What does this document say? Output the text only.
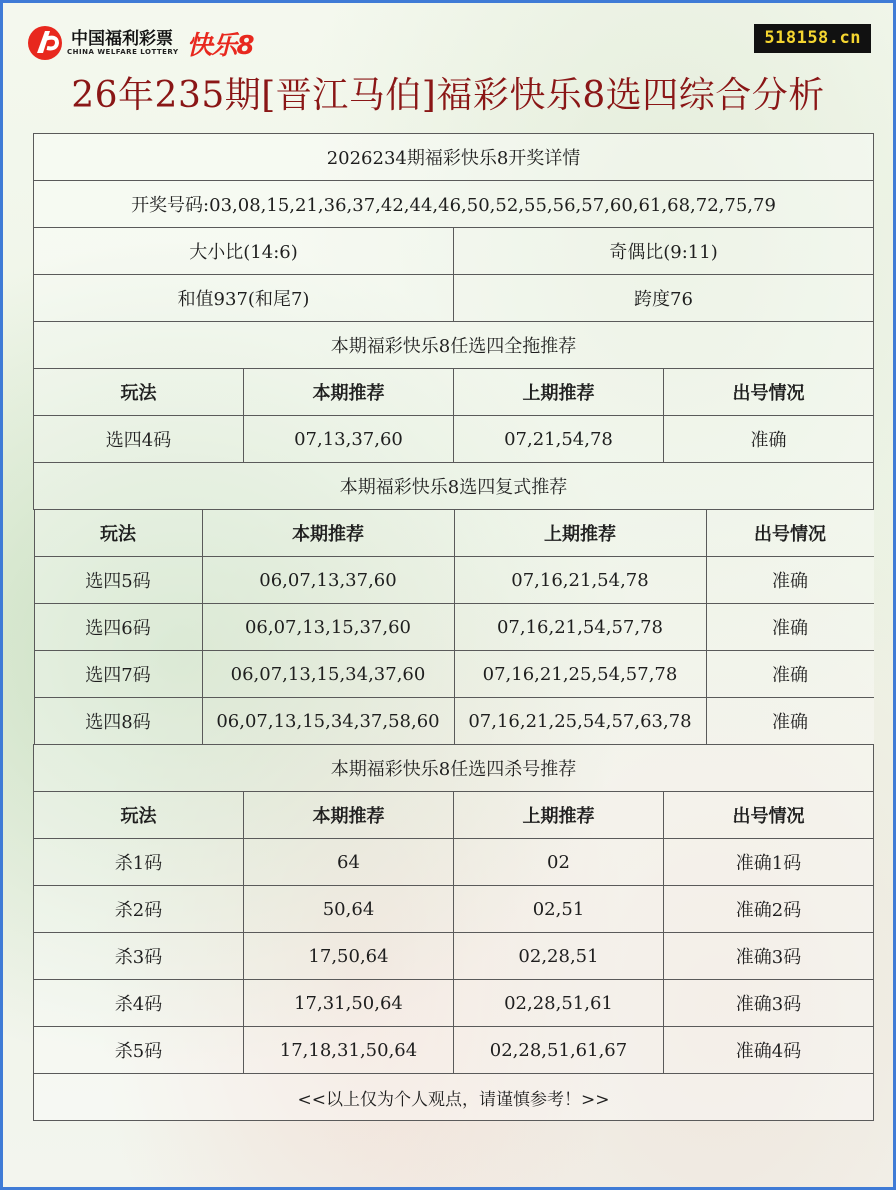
中国福利彩票
CHINA WELFARE LOTTERY 快乐8	518158.cn
26年235期[晋江马伯]福彩快乐8选四综合分析
2026234期福彩快乐8开奖详情
开奖号码:03,08,15,21,36,37,42,44,46,50,52,55,56,57,60,61,68,72,75,79
大小比(14:6)	奇偶比(9:11)
和值937(和尾7)	跨度76
本期福彩快乐8任选四全拖推荐
玩法	本期推荐	上期推荐	出号情况
选四4码	07,13,37,60	07,21,54,78	准确
本期福彩快乐8选四复式推荐

玩法	本期推荐	上期推荐	出号情况
选四5码	06,07,13,37,60	07,16,21,54,78	准确
选四6码	06,07,13,15,37,60	07,16,21,54,57,78	准确
选四7码	06,07,13,15,34,37,60	07,16,21,25,54,57,78	准确
选四8码	06,07,13,15,34,37,58,60	07,16,21,25,54,57,63,78	准确

本期福彩快乐8任选四杀号推荐
玩法	本期推荐	上期推荐	出号情况
杀1码	64	02	准确1码
杀2码	50,64	02,51	准确2码
杀3码	17,50,64	02,28,51	准确3码
杀4码	17,31,50,64	02,28,51,61	准确3码
杀5码	17,18,31,50,64	02,28,51,61,67	准确4码
<<以上仅为个人观点，请谨慎参考！>>
